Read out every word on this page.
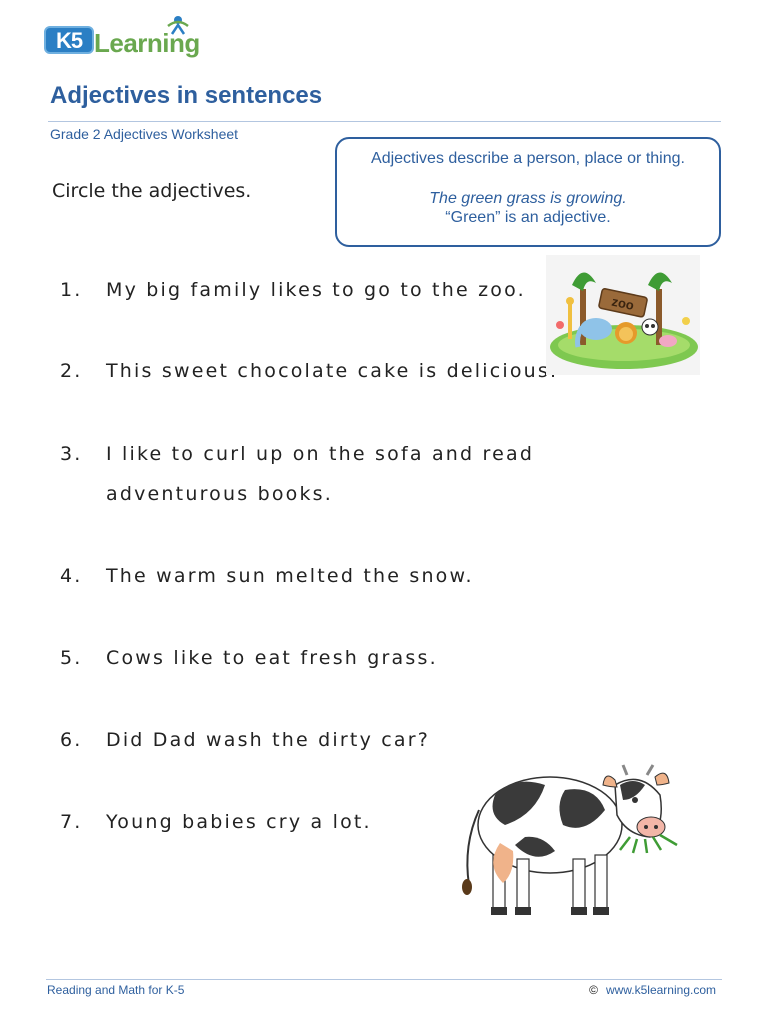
K5 Learning
Adjectives in sentences
Grade 2 Adjectives Worksheet
Adjectives describe a person, place or thing.
The green grass is growing.
“Green” is an adjective.
Circle the adjectives.
1.	My big family likes to go to the zoo.
2.	This sweet chocolate cake is delicious.
3.	I like to curl up on the sofa and read
adventurous books.
4.	The warm sun melted the snow.
5.	Cows like to eat fresh grass.
6.	Did Dad wash the dirty car?
7.	Young babies cry a lot.
zoo
Reading and Math for K-5	© www.k5learning.com
